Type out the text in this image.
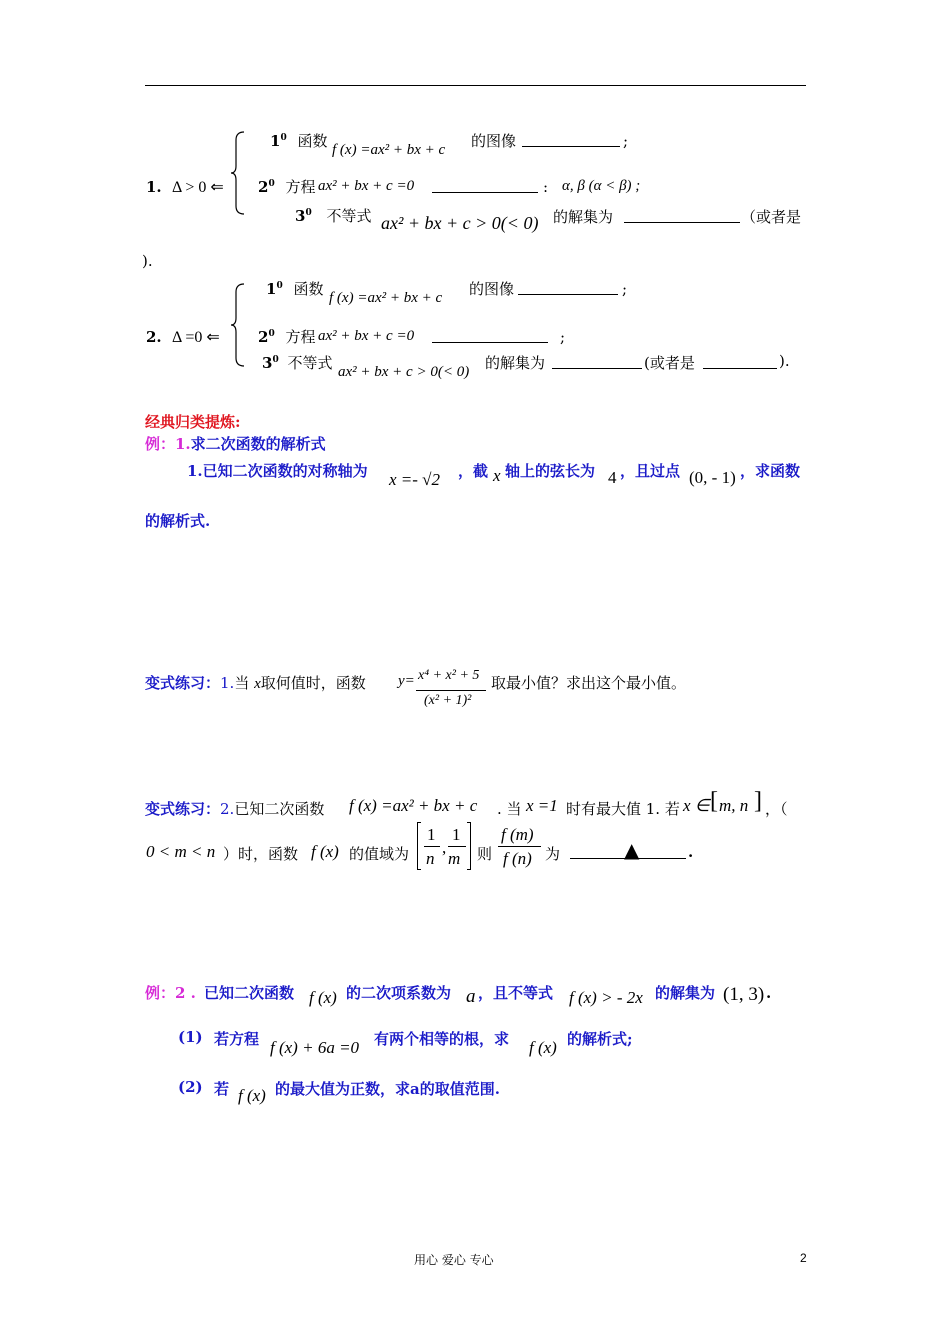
1. Δ > 0 ⇐
$1^0$ 函数 f (x) =ax² + bx + c 的图像	;
$2^0$ 方程 ax² + bx + c =0	: α, β (α < β) ;
$3^0$ 不等式 ax² + bx + c > 0(< 0) 的解集为	（或者是
).
2. Δ =0 ⇐
$1^0$ 函数 f (x) =ax² + bx + c 的图像	;
$2^0$ 方程 ax² + bx + c =0	;
$3^0$ 不等式 ax² + bx + c > 0(< 0) 的解集为	(或者是	).
经典归类提炼:
例：1.求二次函数的解析式
1.已知二次函数的对称轴为 x =- √2 ，截 x 轴上的弦长为 4 ，且过点 (0, - 1) ，求函数
的解析式.
变式练习：1.当 x取何值时，函数 y= x⁴ + x² + 5
(x² + 1)²
取最小值？求出这个最小值。
变式练习：2.已知二次函数 f (x) =ax² + bx + c . 当 x =1 时有最大值 1. 若 x ∈ [ m, n ] ，（
0 < m < n ）时，函数 f (x) 的值域为
1
n
,
1
m 则
f (m)
f (n) 为	▲	.
例：2 . 已知二次函数 f (x) 的二次项系数为 a ，且不等式 f (x) > - 2x 的解集为 (1, 3) .
(1) 若方程 f (x) + 6a =0 有两个相等的根，求 f (x) 的解析式;
(2) 若 f (x) 的最大值为正数，求a的取值范围.
用心 爱心 专心	2
